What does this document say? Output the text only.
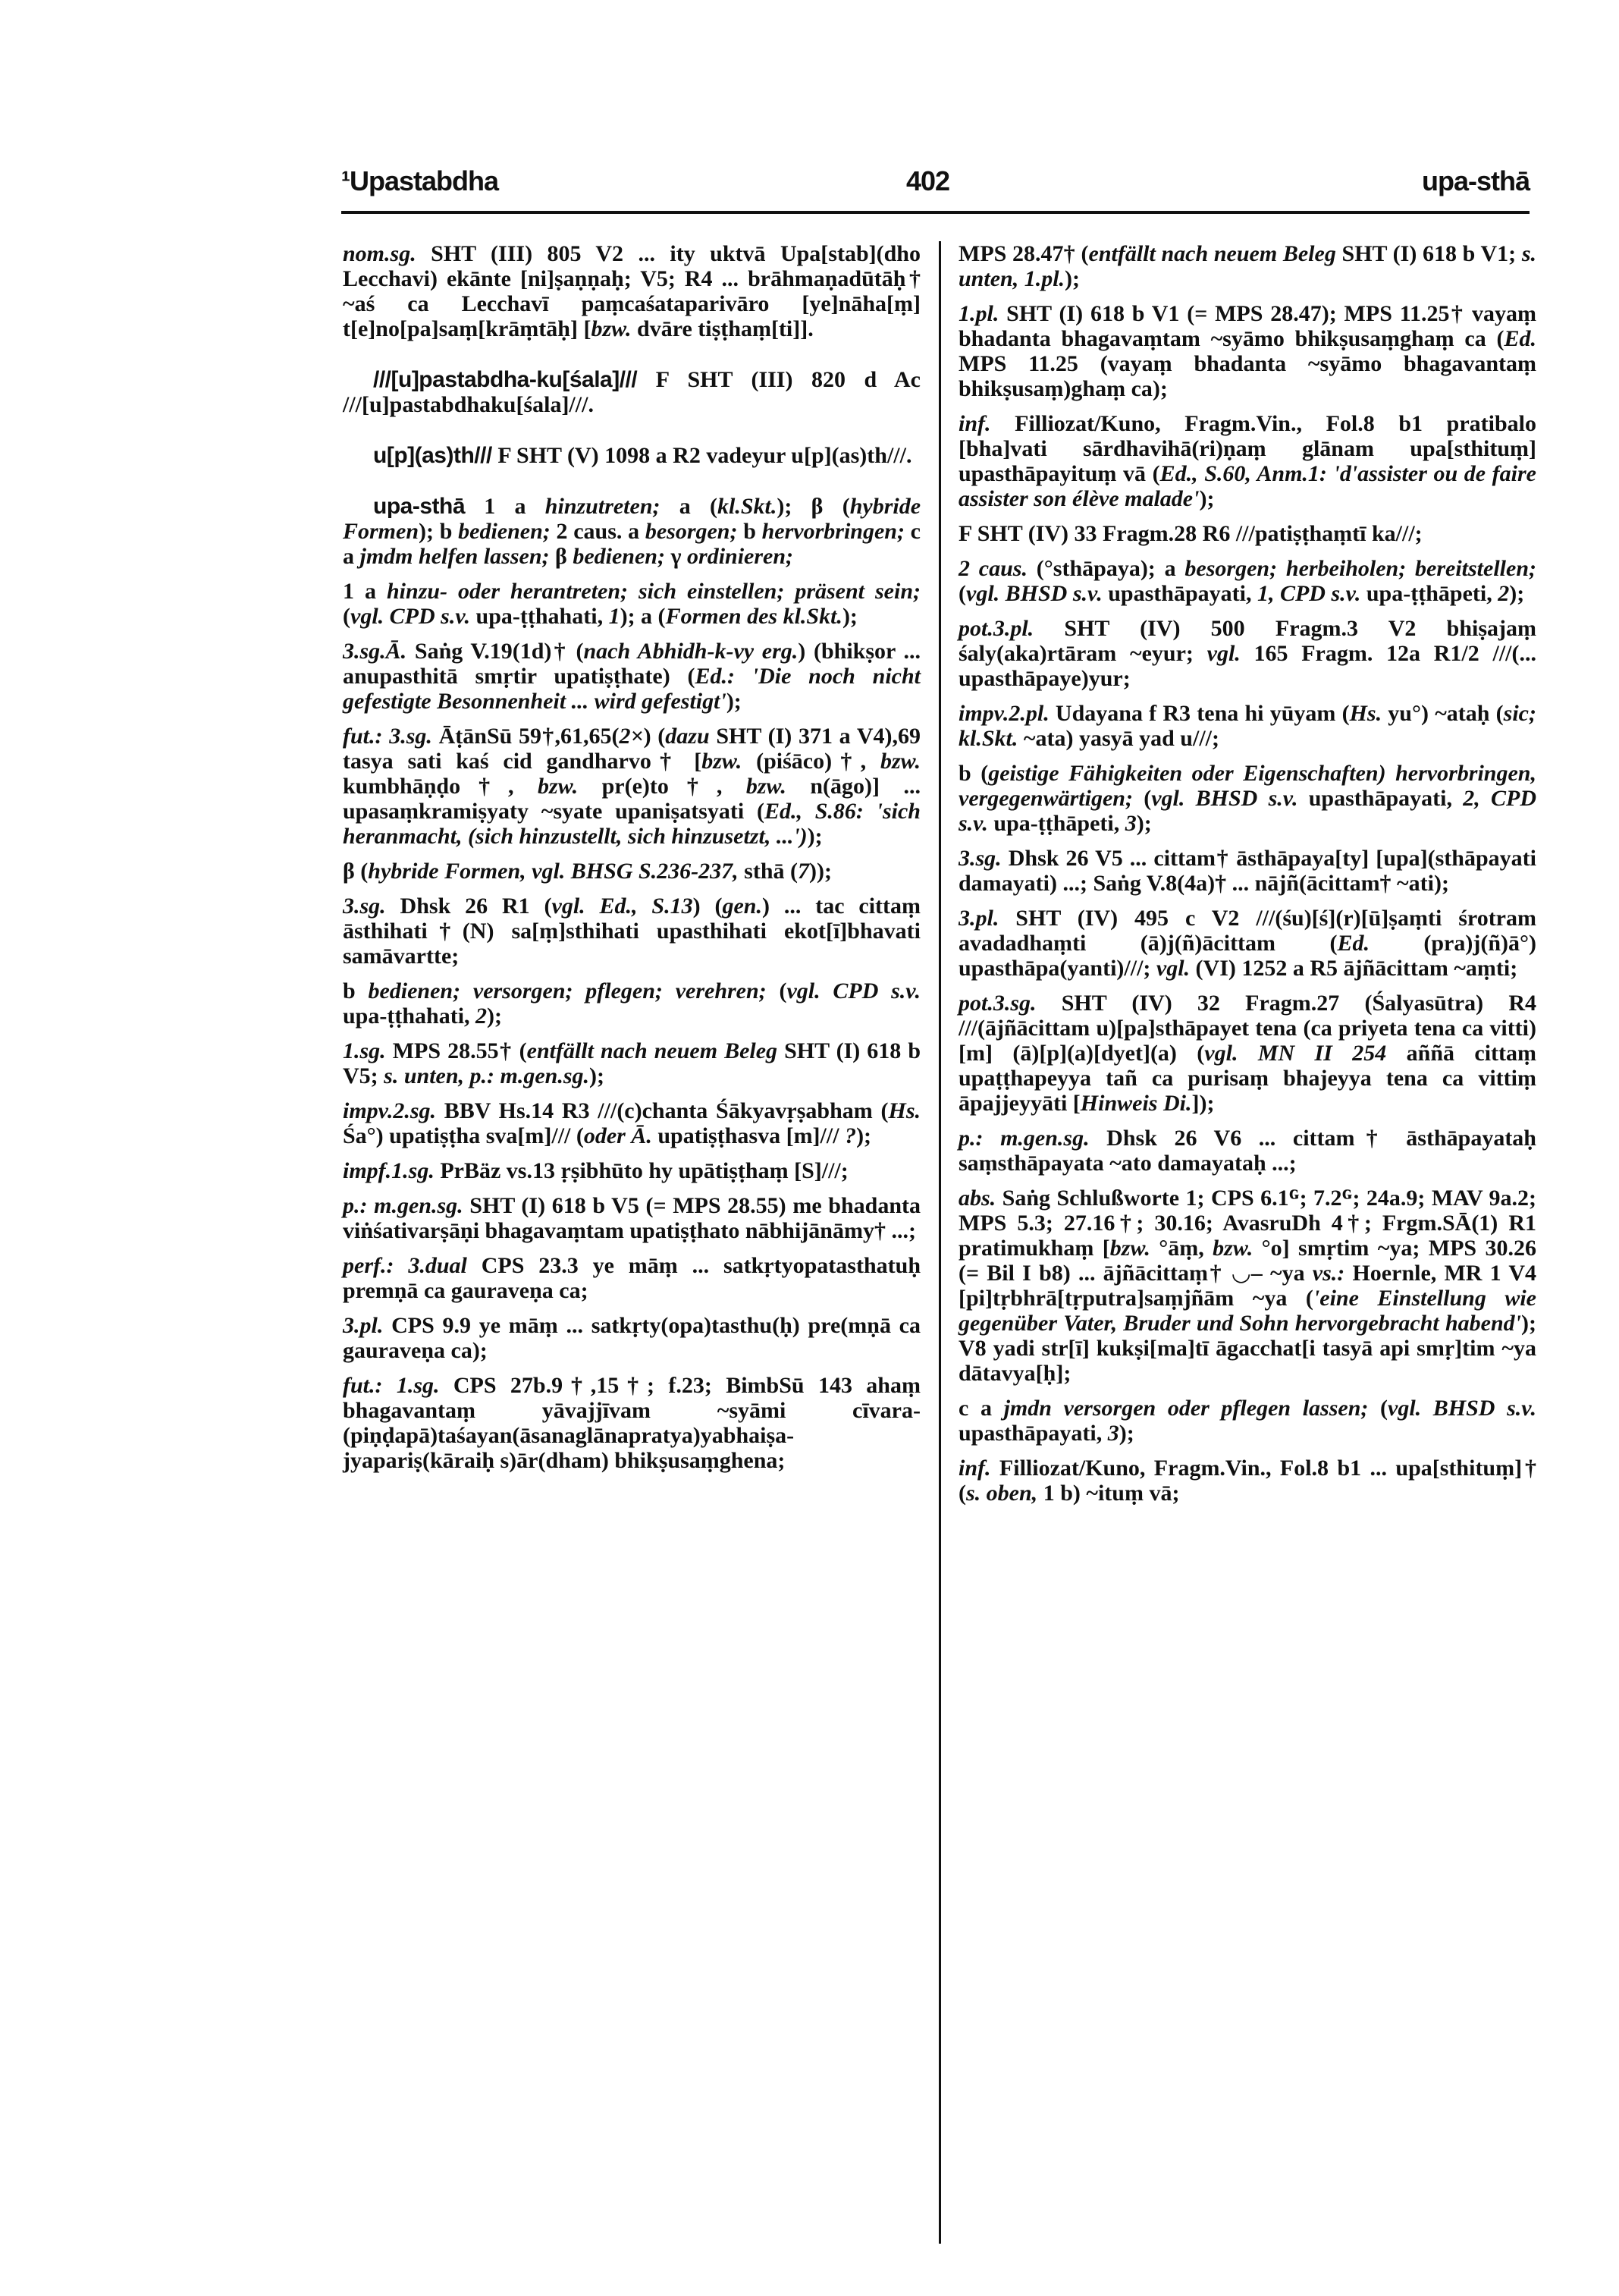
¹Upastabdha	402	upa-sthā

nom.sg. SHT (III) 805 V2 ... ity uktvā Upa[stab](dho Lecchavi) ekānte [ni]ṣaṇṇaḥ; V5; R4 ... brāhmaṇadūtāḥ† ~aś ca Lecchavī paṃcaśataparivāro [ye]nāha[ṃ] t[e]no[pa]saṃ[krāṃtāḥ] [bzw. dvāre tiṣṭhaṃ[ti]].

///[u]pastabdha-ku[śala]/// F SHT (III) 820 d Ac ///[u]pastabdhaku[śala]///.

u[p](as)th/// F SHT (V) 1098 a R2 vadeyur u[p](as)th///.

upa-sthā 1 a hinzutreten; a (kl.Skt.); β (hybride Formen); b bedienen; 2 caus. a besorgen; b hervorbringen; c a jmdm helfen lassen; β bedienen; γ ordinieren;

1 a hinzu- oder herantreten; sich einstellen; präsent sein; (vgl. CPD s.v. upa-ṭṭhahati, 1); a (Formen des kl.Skt.);

3.sg.Ā. Saṅg V.19(1d)† (nach Abhidh-k-vy erg.) (bhikṣor ... anupasthitā smṛtir upatiṣṭhate) (Ed.: 'Die noch nicht gefestigte Besonnenheit ... wird gefestigt');

fut.: 3.sg. ĀṭānSū 59†,61,65(2×) (dazu SHT (I) 371 a V4),69 tasya sati kaś cid gandharvo† [bzw. (piśāco)†, bzw. kumbhāṇḍo†, bzw. pr(e)to†, bzw. n(āgo)] ... upasaṃkramiṣyaty ~syate upaniṣatsyati (Ed., S.86: 'sich heranmacht, (sich hinzustellt, sich hinzusetzt, ...'));

β (hybride Formen, vgl. BHSG S.236-237, sthā (7));

3.sg. Dhsk 26 R1 (vgl. Ed., S.13) (gen.) ... tac cittaṃ āsthihati†(N) sa[ṃ]sthihati upasthihati ekot[ī]bhavati samāvartte;

b bedienen; versorgen; pflegen; verehren; (vgl. CPD s.v. upa-ṭṭhahati, 2);

1.sg. MPS 28.55† (entfällt nach neuem Beleg SHT (I) 618 b V5; s. unten, p.: m.gen.sg.);

impv.2.sg. BBV Hs.14 R3 ///(c)chanta Śākyavṛṣabham (Hs. Śa°) upatiṣṭha sva[m]/// (oder Ā. upatiṣṭhasva [m]/// ?);

impf.1.sg. PrBäz vs.13 ṛṣibhūto hy upātiṣṭhaṃ [S]///;

p.: m.gen.sg. SHT (I) 618 b V5 (= MPS 28.55) me bhadanta viṅśativarṣāṇi bhagavaṃtam upatiṣṭhato nābhijānāmy† ...;

perf.: 3.dual CPS 23.3 ye māṃ ... satkṛtyopatasthatuḥ premṇā ca gauraveṇa ca;

3.pl. CPS 9.9 ye māṃ ... satkṛty(opa)tasthu(ḥ) pre(mṇā ca gauraveṇa ca);

fut.: 1.sg. CPS 27b.9†,15†; f.23; BimbSū 143 ahaṃ bhagavantaṃ yāvajjīvam ~syāmi cīvara(piṇḍapā)taśayan(āsanaglānapratya)yabhaiṣajyapariṣ(kāraiḥ s)ār(dham) bhikṣusaṃghena;

MPS 28.47† (entfällt nach neuem Beleg SHT (I) 618 b V1; s. unten, 1.pl.);

1.pl. SHT (I) 618 b V1 (= MPS 28.47); MPS 11.25† vayaṃ bhadanta bhagavaṃtam ~syāmo bhikṣusaṃghaṃ ca (Ed. MPS 11.25 (vayaṃ bhadanta ~syāmo bhagavantaṃ bhikṣusaṃ)ghaṃ ca);

inf. Filliozat/Kuno, Fragm.Vin., Fol.8 b1 pratibalo [bha]vati sārdhavihā(ri)ṇaṃ glānam upa[sthituṃ] upasthāpayituṃ vā (Ed., S.60, Anm.1: 'd'assister ou de faire assister son élève malade');

F SHT (IV) 33 Fragm.28 R6 ///patiṣṭhaṃtī ka///;

2 caus. (°sthāpaya); a besorgen; herbeiholen; bereitstellen; (vgl. BHSD s.v. upasthāpayati, 1, CPD s.v. upa-ṭṭhāpeti, 2);

pot.3.pl. SHT (IV) 500 Fragm.3 V2 bhiṣajaṃ śaly(aka)rtāram ~eyur; vgl. 165 Fragm. 12a R1/2 ///(... upasthāpaye)yur;

impv.2.pl. Udayana f R3 tena hi yūyam (Hs. yu°) ~ataḥ (sic; kl.Skt. ~ata) yasyā yad u///;

b (geistige Fähigkeiten oder Eigenschaften) hervorbringen, vergegenwärtigen; (vgl. BHSD s.v. upasthāpayati, 2, CPD s.v. upa-ṭṭhāpeti, 3);

3.sg. Dhsk 26 V5 ... cittam† āsthāpaya[ty] [upa](sthāpayati damayati) ...; Saṅg V.8(4a)† ... nājñ(ācittam† ~ati);

3.pl. SHT (IV) 495 c V2 ///(śu)[ś](r)[ū]ṣaṃti śrotram avadadhaṃti (ā)j(ñ)ācittam (Ed. (pra)j(ñ)ā°) upasthāpa(yanti)///; vgl. (VI) 1252 a R5 ājñācittam ~aṃti;

pot.3.sg. SHT (IV) 32 Fragm.27 (Śalyasūtra) R4 ///(ājñācittam u)[pa]sthāpayet tena (ca priyeta tena ca vitti)[m] (ā)[p](a)[dyet](a) (vgl. MN II 254 aññā cittaṃ upaṭṭhapeyya tañ ca purisaṃ bhajeyya tena ca vittiṃ āpajjeyyāti [Hinweis Di.]);

p.: m.gen.sg. Dhsk 26 V6 ... cittam† āsthāpayataḥ saṃsthāpayata ~ato damayataḥ ...;

abs. Saṅg Schlußworte 1; CPS 6.1ᴳ; 7.2ᴳ; 24a.9; MAV 9a.2; MPS 5.3; 27.16†; 30.16; AvasruDh 4†; Frgm.SĀ(1) R1 pratimukhaṃ [bzw. °āṃ, bzw. °o] smṛtim ~ya; MPS 30.26 (= Bil I b8) ... ājñācittaṃ† ◡– ~ya vs.: Hoernle, MR 1 V4 [pi]tṛbhrā[tṛputra]saṃjñām ~ya ('eine Einstellung wie gegenüber Vater, Bruder und Sohn hervorgebracht habend'); V8 yadi str[ī] kukṣi[ma]tī āgacchat[i tasyā api smṛ]tim ~ya dātavya[ḥ];

c a jmdn versorgen oder pflegen lassen; (vgl. BHSD s.v. upasthāpayati, 3);

inf. Filliozat/Kuno, Fragm.Vin., Fol.8 b1 ... upa[sthituṃ]† (s. oben, 1 b) ~ituṃ vā;
